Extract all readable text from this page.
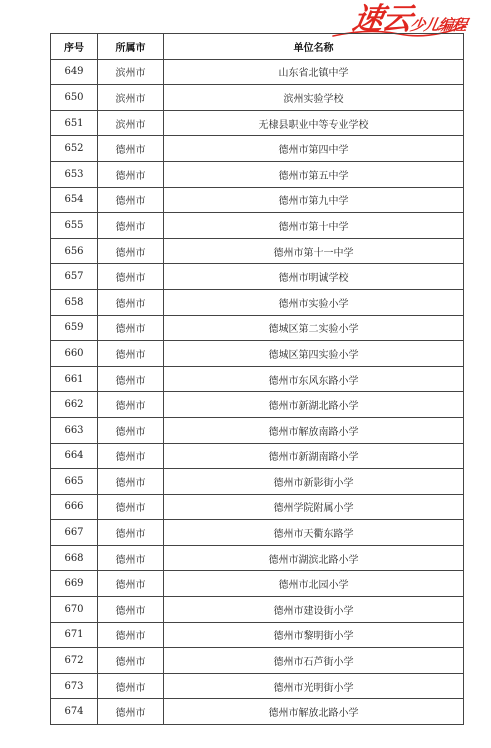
速云
少儿编程
序号	所属市	单位名称
649	滨州市	山东省北镇中学
650	滨州市	滨州实验学校
651	滨州市	无棣县职业中等专业学校
652	德州市	德州市第四中学
653	德州市	德州市第五中学
654	德州市	德州市第九中学
655	德州市	德州市第十中学
656	德州市	德州市第十一中学
657	德州市	德州市明诚学校
658	德州市	德州市实验小学
659	德州市	德城区第二实验小学
660	德州市	德城区第四实验小学
661	德州市	德州市东风东路小学
662	德州市	德州市新湖北路小学
663	德州市	德州市解放南路小学
664	德州市	德州市新湖南路小学
665	德州市	德州市新影街小学
666	德州市	德州学院附属小学
667	德州市	德州市天衢东路学
668	德州市	德州市湖滨北路小学
669	德州市	德州市北园小学
670	德州市	德州市建设街小学
671	德州市	德州市黎明街小学
672	德州市	德州市石芦街小学
673	德州市	德州市光明街小学
674	德州市	德州市解放北路小学
